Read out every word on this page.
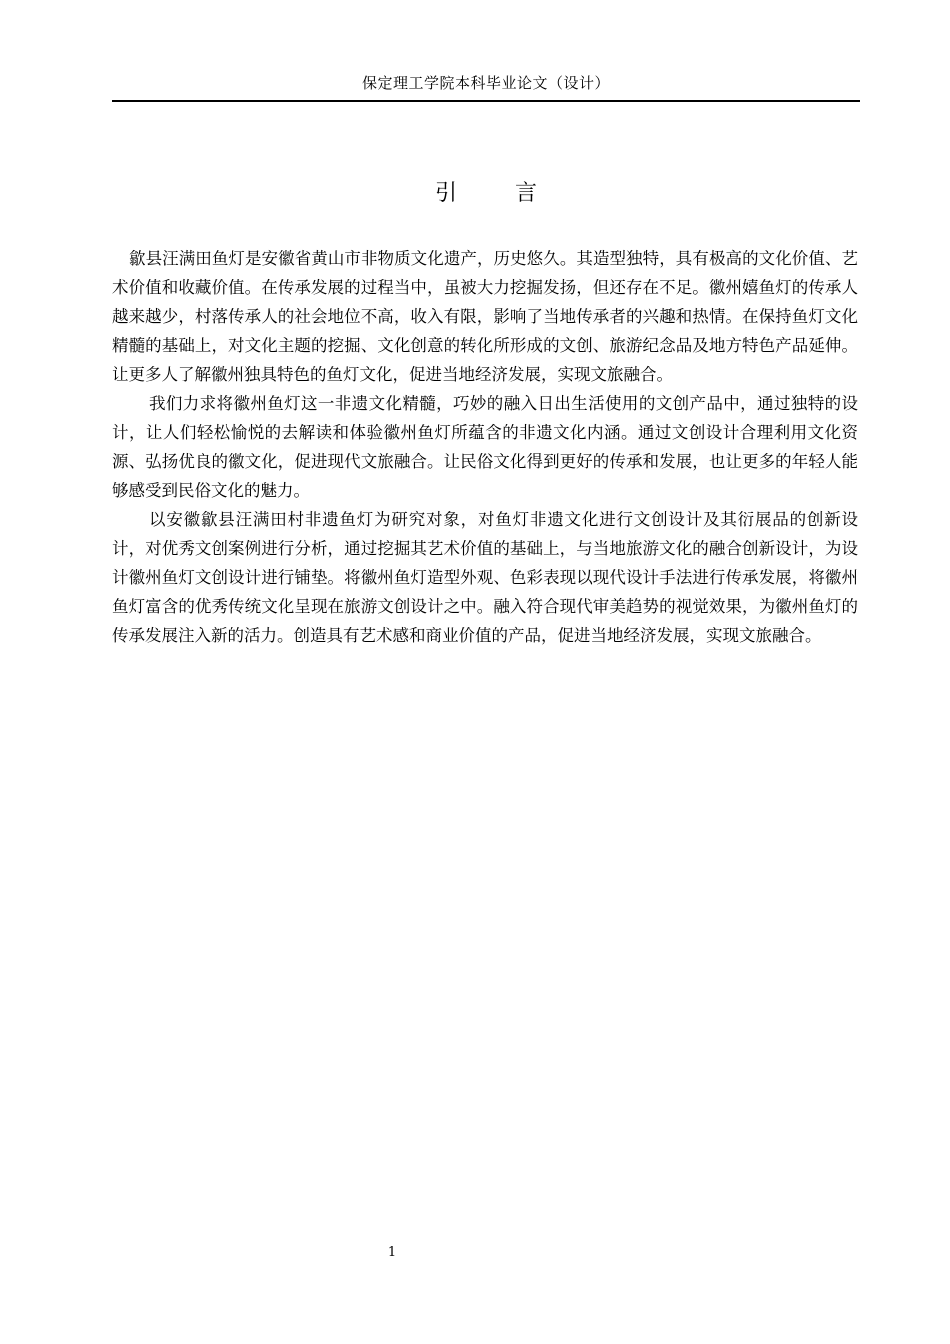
保定理工学院本科毕业论文（设计）
引言

歙县汪满田鱼灯是安徽省黄山市非物质文化遗产，历史悠久。其造型独特，具有极高的文化价值、艺术价值和收藏价值。在传承发展的过程当中，虽被大力挖掘发扬，但还存在不足。徽州嬉鱼灯的传承人越来越少，村落传承人的社会地位不高，收入有限，影响了当地传承者的兴趣和热情。在保持鱼灯文化精髓的基础上，对文化主题的挖掘、文化创意的转化所形成的文创、旅游纪念品及地方特色产品延伸。让更多人了解徽州独具特色的鱼灯文化，促进当地经济发展，实现文旅融合。

我们力求将徽州鱼灯这一非遗文化精髓，巧妙的融入日出生活使用的文创产品中，通过独特的设计，让人们轻松愉悦的去解读和体验徽州鱼灯所蕴含的非遗文化内涵。通过文创设计合理利用文化资源、弘扬优良的徽文化，促进现代文旅融合。让民俗文化得到更好的传承和发展，也让更多的年轻人能够感受到民俗文化的魅力。

以安徽歙县汪满田村非遗鱼灯为研究对象，对鱼灯非遗文化进行文创设计及其衍展品的创新设计，对优秀文创案例进行分析，通过挖掘其艺术价值的基础上，与当地旅游文化的融合创新设计，为设计徽州鱼灯文创设计进行铺垫。将徽州鱼灯造型外观、色彩表现以现代设计手法进行传承发展，将徽州鱼灯富含的优秀传统文化呈现在旅游文创设计之中。融入符合现代审美趋势的视觉效果，为徽州鱼灯的传承发展注入新的活力。创造具有艺术感和商业价值的产品，促进当地经济发展，实现文旅融合。

1
